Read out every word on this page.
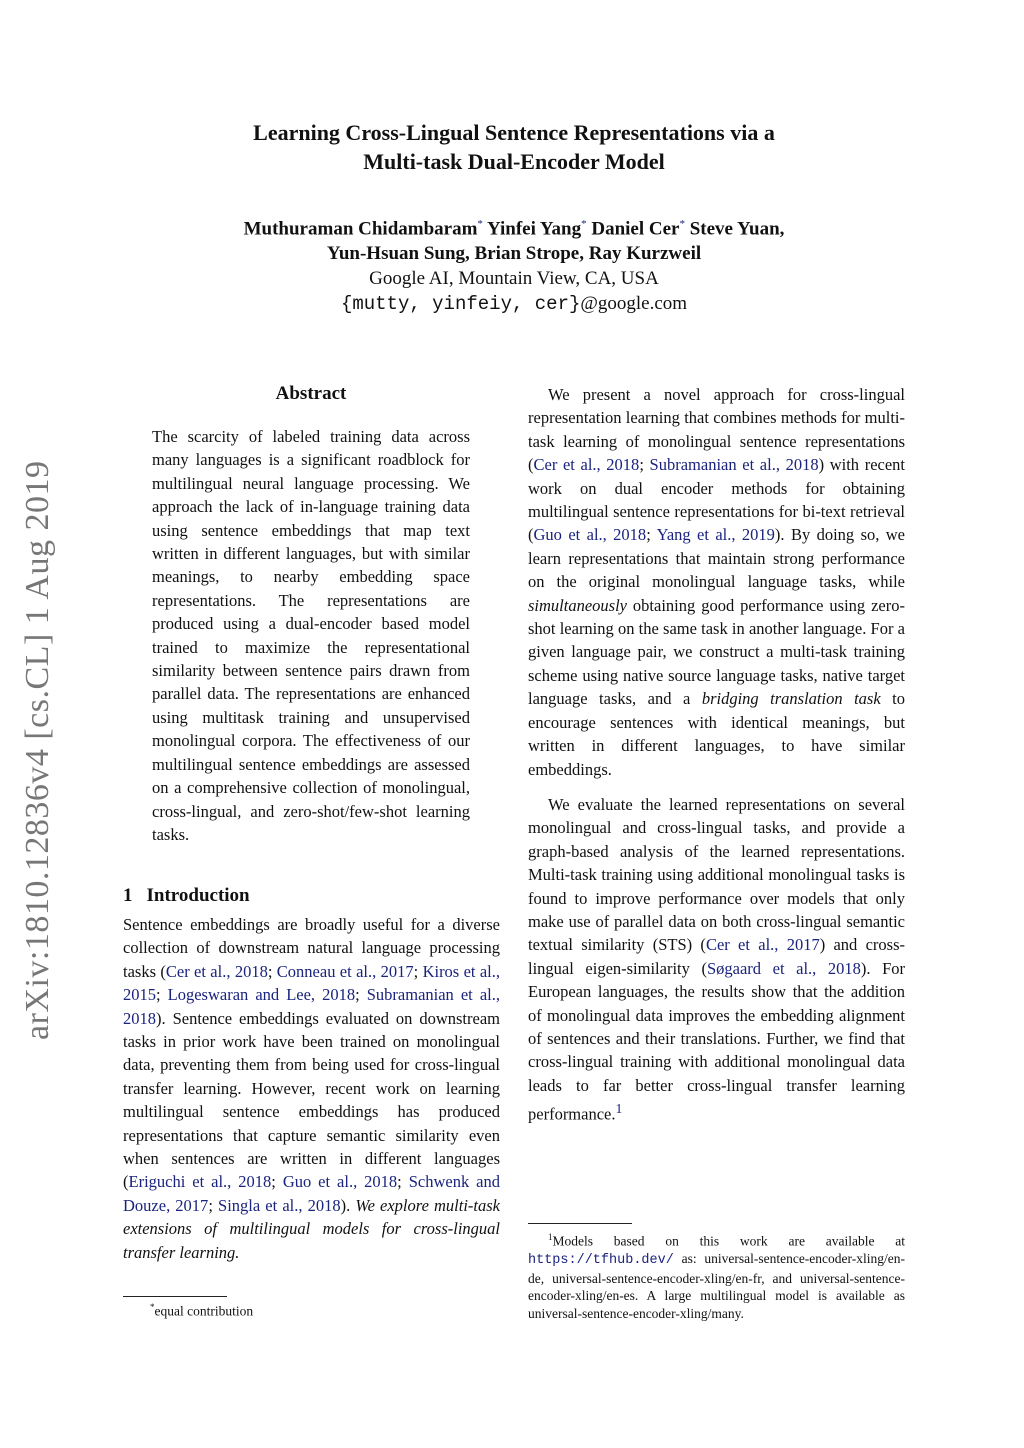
arXiv:1810.12836v4 [cs.CL] 1 Aug 2019
Learning Cross-Lingual Sentence Representations via a
Multi-task Dual-Encoder Model
Muthuraman Chidambaram* Yinfei Yang* Daniel Cer* Steve Yuan,
Yun-Hsuan Sung, Brian Strope, Ray Kurzweil
Google AI, Mountain View, CA, USA
{mutty, yinfeiy, cer}@google.com
Abstract

The scarcity of labeled training data across many languages is a significant roadblock for multilingual neural language processing. We approach the lack of in-language training data using sentence embeddings that map text written in different languages, but with similar meanings, to nearby embedding space representations. The representations are produced using a dual-encoder based model trained to maximize the representational similarity between sentence pairs drawn from parallel data. The representations are enhanced using multitask training and unsupervised monolingual corpora. The effectiveness of our multilingual sentence embeddings are assessed on a comprehensive collection of monolingual, cross-lingual, and zero-shot/few-shot learning tasks.

1 Introduction

Sentence embeddings are broadly useful for a diverse collection of downstream natural language processing tasks (Cer et al., 2018; Conneau et al., 2017; Kiros et al., 2015; Logeswaran and Lee, 2018; Subramanian et al., 2018). Sentence embeddings evaluated on downstream tasks in prior work have been trained on monolingual data, preventing them from being used for cross-lingual transfer learning. However, recent work on learning multilingual sentence embeddings has produced representations that capture semantic similarity even when sentences are written in different languages (Eriguchi et al., 2018; Guo et al., 2018; Schwenk and Douze, 2017; Singla et al., 2018). We explore multi-task extensions of multilingual models for cross-lingual transfer learning.

*equal contribution

We present a novel approach for cross-lingual representation learning that combines methods for multi-task learning of monolingual sentence representations (Cer et al., 2018; Subramanian et al., 2018) with recent work on dual encoder methods for obtaining multilingual sentence representations for bi-text retrieval (Guo et al., 2018; Yang et al., 2019). By doing so, we learn representations that maintain strong performance on the original monolingual language tasks, while simultaneously obtaining good performance using zero-shot learning on the same task in another language. For a given language pair, we construct a multi-task training scheme using native source language tasks, native target language tasks, and a bridging translation task to encourage sentences with identical meanings, but written in different languages, to have similar embeddings.

We evaluate the learned representations on several monolingual and cross-lingual tasks, and provide a graph-based analysis of the learned representations. Multi-task training using additional monolingual tasks is found to improve performance over models that only make use of parallel data on both cross-lingual semantic textual similarity (STS) (Cer et al., 2017) and cross-lingual eigen-similarity (Søgaard et al., 2018). For European languages, the results show that the addition of monolingual data improves the embedding alignment of sentences and their translations. Further, we find that cross-lingual training with additional monolingual data leads to far better cross-lingual transfer learning performance.$^1$

$^1$Models based on this work are available at https://tfhub.dev/ as: universal-sentence-encoder-xling/en-de, universal-sentence-encoder-xling/en-fr, and universal-sentence-encoder-xling/en-es. A large multilingual model is available as universal-sentence-encoder-xling/many.
